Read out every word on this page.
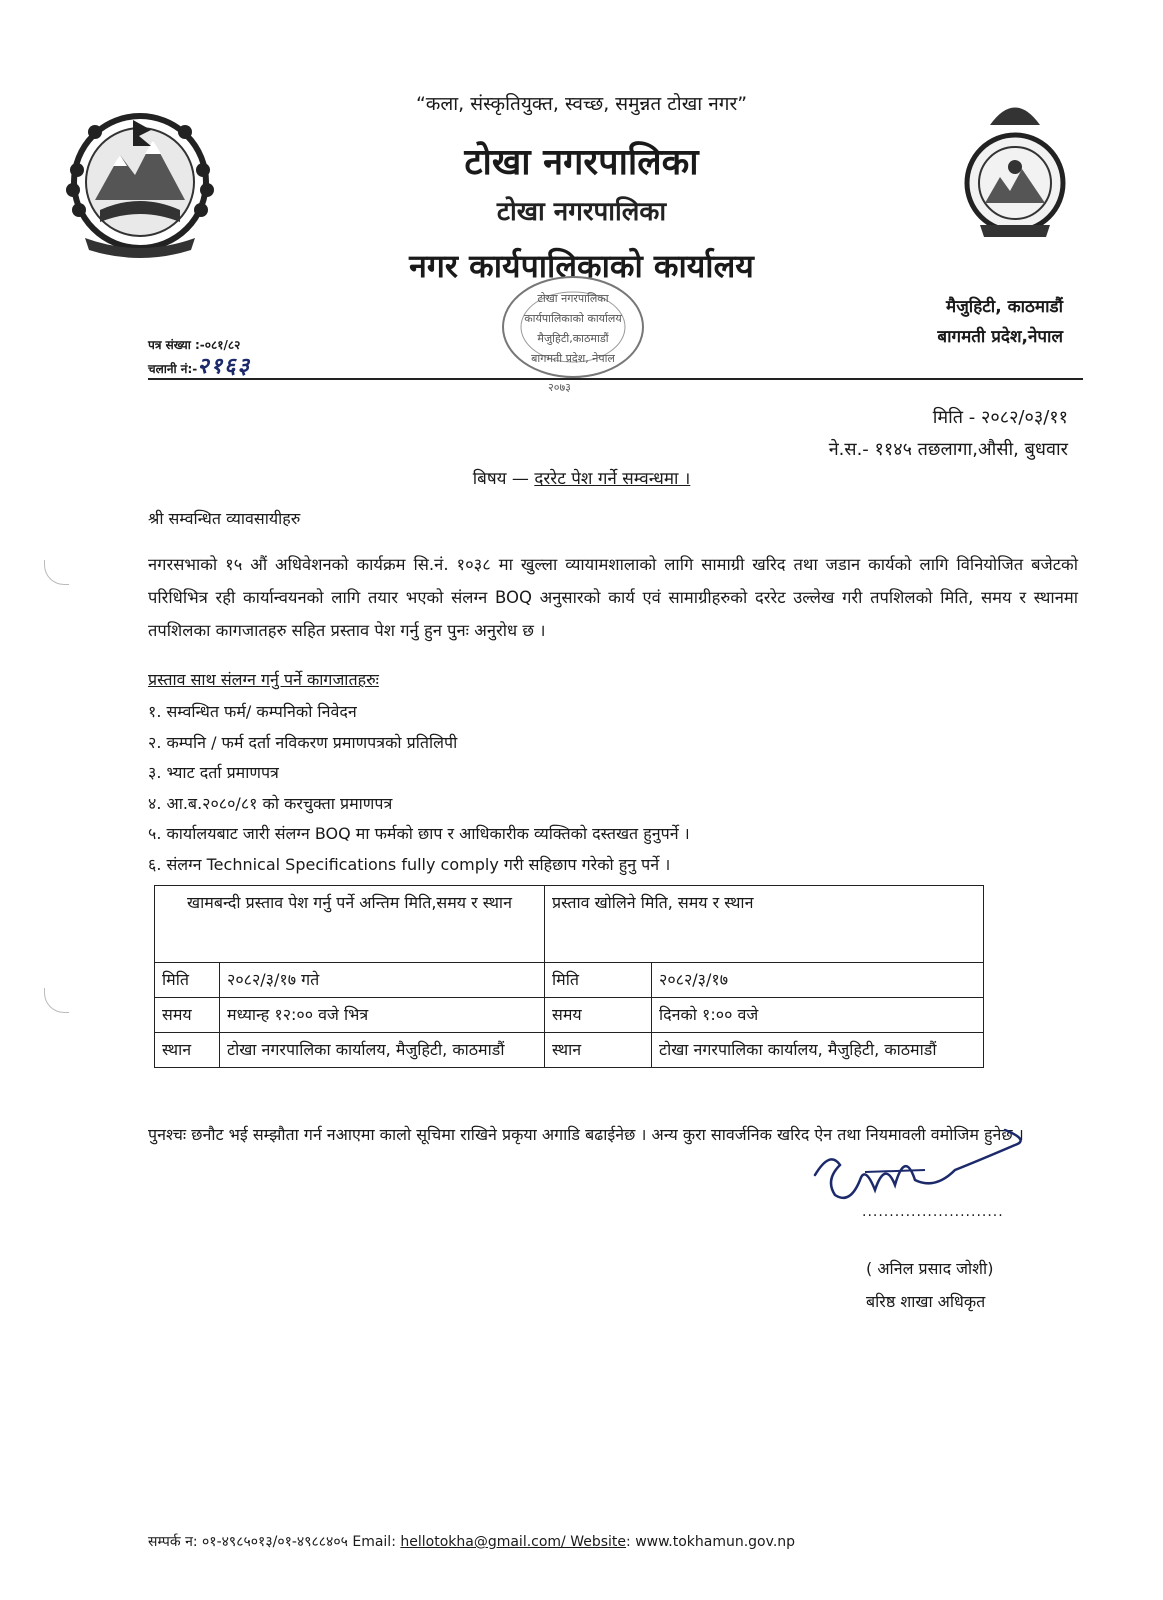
“कला, संस्कृतियुक्त, स्वच्छ, समुन्नत टोखा नगर”
टोखा नगरपालिका
टोखा नगरपालिका
नगर कार्यपालिकाको कार्यालय
टोखा नगरपालिका
कार्यपालिकाको कार्यालय
मैजुहिटी,काठमाडौं
बागमती प्रदेश, नेपाल
२०७३
मैजुहिटी, काठमाडौं
बागमती प्रदेश,नेपाल
पत्र संख्या :-०८१/८२
चलानी नं:-२१६३
मिति - २०८२/०३/११
ने.स.- ११४५ तछलागा,औसी, बुधवार
बिषय — दररेट पेश गर्ने सम्वन्धमा ।
श्री सम्वन्धित व्यावसायीहरु
नगरसभाको १५ औं अधिवेशनको कार्यक्रम सि.नं. १०३८ मा खुल्ला व्यायामशालाको लागि सामाग्री खरिद तथा जडान कार्यको लागि विनियोजित बजेटको परिधिभित्र रही कार्यान्वयनको लागि तयार भएको संलग्न BOQ अनुसारको कार्य एवं सामाग्रीहरुको दररेट उल्लेख गरी तपशिलको मिति, समय र स्थानमा तपशिलका कागजातहरु सहित प्रस्ताव पेश गर्नु हुन पुनः अनुरोध छ ।
प्रस्ताव साथ संलग्न गर्नु पर्ने कागजातहरुः
१. सम्वन्धित फर्म/ कम्पनिको निवेदन
२. कम्पनि / फर्म दर्ता नविकरण प्रमाणपत्रको प्रतिलिपी
३. भ्याट दर्ता प्रमाणपत्र
४. आ.ब.२०८०/८१ को करचुक्ता प्रमाणपत्र
५. कार्यालयबाट जारी संलग्न BOQ मा फर्मको छाप र आधिकारीक व्यक्तिको दस्तखत हुनुपर्ने ।
६. संलग्न Technical Specifications fully comply गरी सहिछाप गरेको हुनु पर्ने ।
खामबन्दी प्रस्ताव पेश गर्नु पर्ने अन्तिम मिति,समय र स्थान		प्रस्ताव खोलिने मिति, समय र स्थान	
मिति	२०८२/३/१७ गते	मिति	२०८२/३/१७
समय	मध्यान्ह १२:०० वजे भित्र	समय	दिनको १:०० वजे
स्थान	टोखा नगरपालिका कार्यालय, मैजुहिटी, काठमाडौं	स्थान	टोखा नगरपालिका कार्यालय, मैजुहिटी, काठमाडौं
पुनश्चः छनौट भई सम्झौता गर्न नआएमा कालो सूचिमा राखिने प्रकृया अगाडि बढाईनेछ । अन्य कुरा सावर्जनिक खरिद ऐन तथा नियमावली वमोजिम हुनेछ ।
..........................
( अनिल प्रसाद जोशी)
बरिष्ठ शाखा अधिकृत
सम्पर्क न: ०१-४९८५०१३/०१-४९८८४०५ Email: hellotokha@gmail.com/ Website: www.tokhamun.gov.np
